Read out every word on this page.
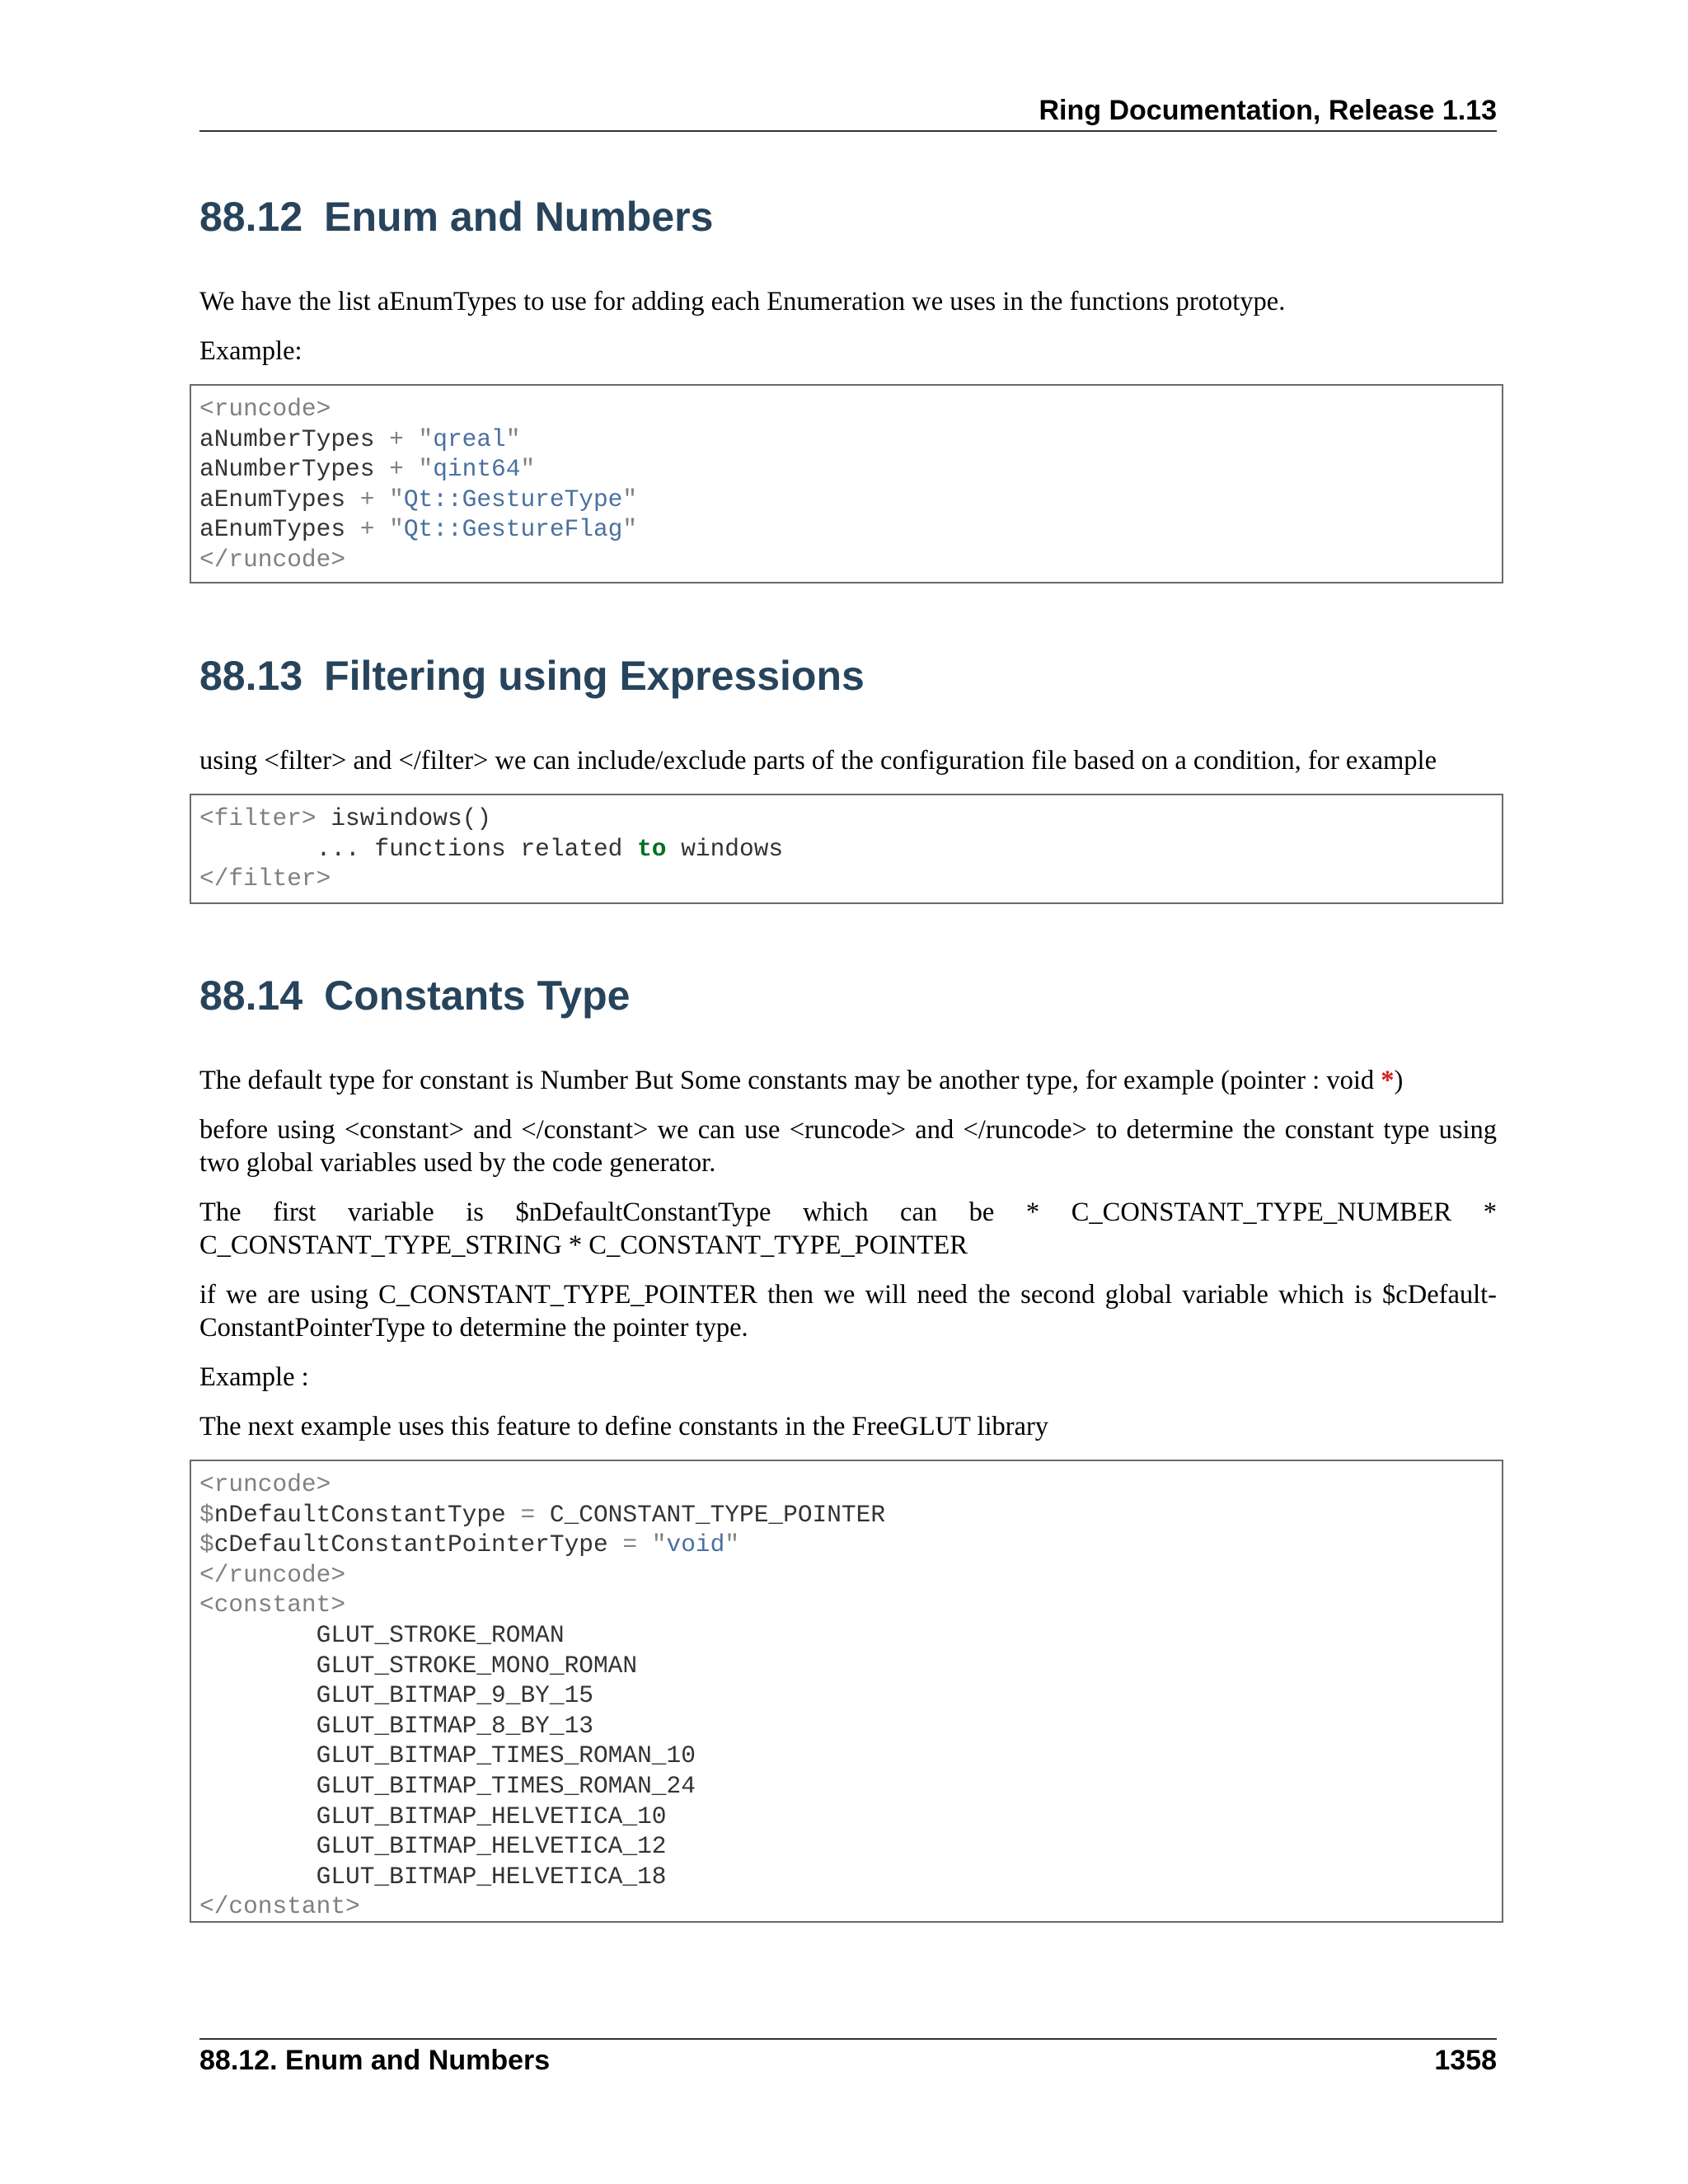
Ring Documentation, Release 1.13
88.12 Enum and Numbers

We have the list aEnumTypes to use for adding each Enumeration we uses in the functions prototype.

Example:

<runcode>
aNumberTypes + "qreal"
aNumberTypes + "qint64"
aEnumTypes + "Qt::GestureType"
aEnumTypes + "Qt::GestureFlag"
</runcode>
88.13 Filtering using Expressions

using <filter> and </filter> we can include/exclude parts of the configuration file based on a condition, for example

<filter> iswindows()
... functions related to windows
</filter>
88.14 Constants Type

The default type for constant is Number But Some constants may be another type, for example (pointer : void *)

before using <constant> and </constant> we can use <runcode> and </runcode> to determine the constant type using two global variables used by the code generator.

The first variable is $nDefaultConstantType which can be * C_CONSTANT_TYPE_NUMBER * C_CONSTANT_TYPE_STRING * C_CONSTANT_TYPE_POINTER

if we are using C_CONSTANT_TYPE_POINTER then we will need the second global variable which is $cDefault-ConstantPointerType to determine the pointer type.

Example :

The next example uses this feature to define constants in the FreeGLUT library

<runcode>
$nDefaultConstantType = C_CONSTANT_TYPE_POINTER
$cDefaultConstantPointerType = "void"
</runcode>
<constant>
GLUT_STROKE_ROMAN
GLUT_STROKE_MONO_ROMAN
GLUT_BITMAP_9_BY_15
GLUT_BITMAP_8_BY_13
GLUT_BITMAP_TIMES_ROMAN_10
GLUT_BITMAP_TIMES_ROMAN_24
GLUT_BITMAP_HELVETICA_10
GLUT_BITMAP_HELVETICA_12
GLUT_BITMAP_HELVETICA_18
</constant>
88.12. Enum and Numbers	1358
